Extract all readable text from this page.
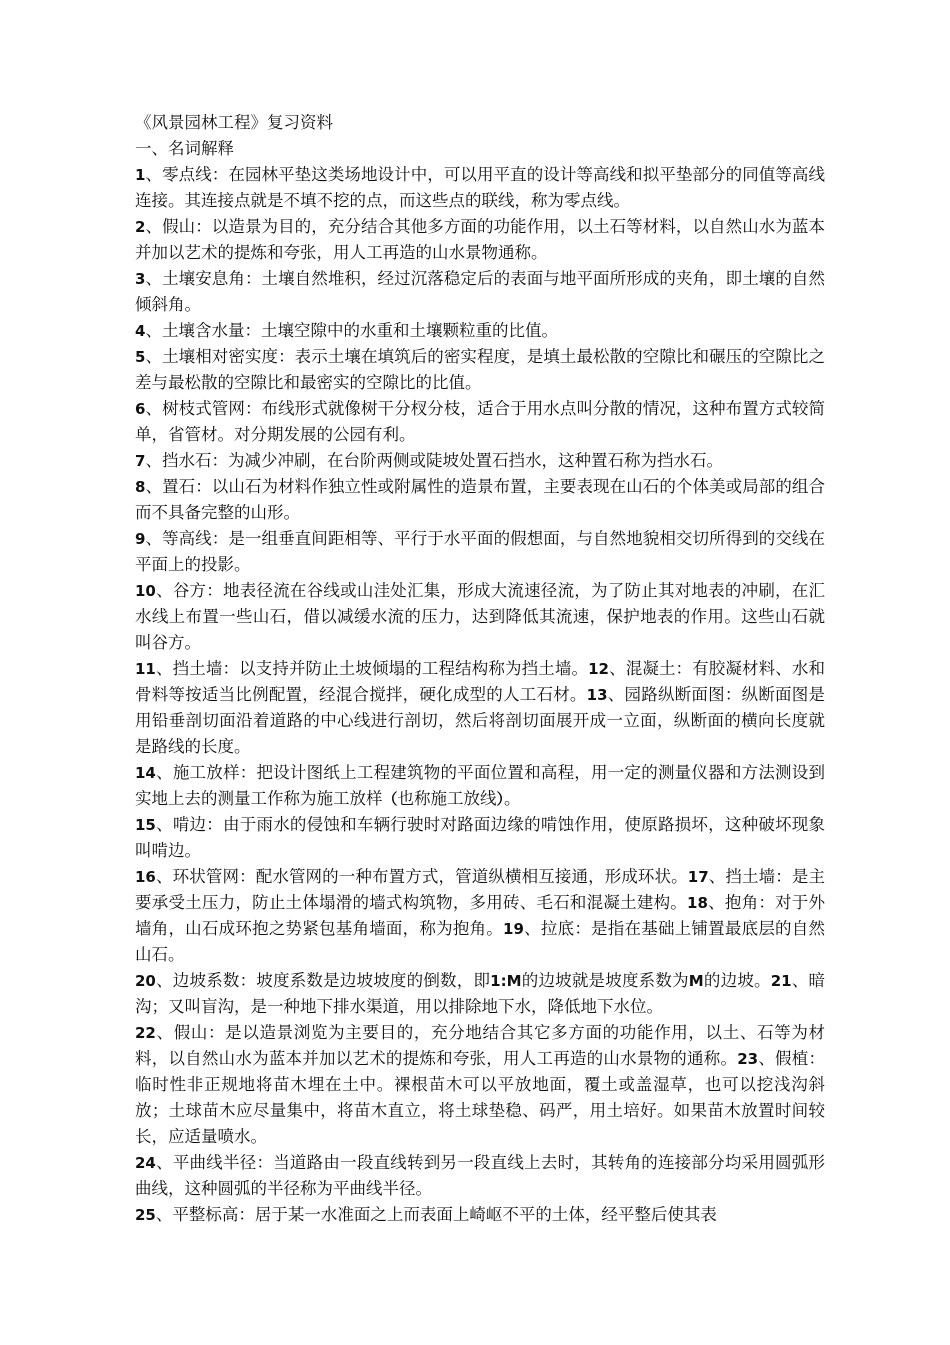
《风景园林工程》复习资料

一、名词解释

1、零点线：在园林平垫这类场地设计中，可以用平直的设计等高线和拟平垫部分的同值等高线连接。其连接点就是不填不挖的点，而这些点的联线，称为零点线。

2、假山：以造景为目的，充分结合其他多方面的功能作用，以土石等材料，以自然山水为蓝本并加以艺术的提炼和夸张，用人工再造的山水景物通称。

3、土壤安息角：土壤自然堆积，经过沉落稳定后的表面与地平面所形成的夹角，即土壤的自然倾斜角。

4、土壤含水量：土壤空隙中的水重和土壤颗粒重的比值。

5、土壤相对密实度：表示土壤在填筑后的密实程度，是填土最松散的空隙比和碾压的空隙比之差与最松散的空隙比和最密实的空隙比的比值。

6、树枝式管网：布线形式就像树干分杈分枝，适合于用水点叫分散的情况，这种布置方式较简单，省管材。对分期发展的公园有利。

7、挡水石：为减少冲刷，在台阶两侧或陡坡处置石挡水，这种置石称为挡水石。

8、置石：以山石为材料作独立性或附属性的造景布置，主要表现在山石的个体美或局部的组合而不具备完整的山形。

9、等高线：是一组垂直间距相等、平行于水平面的假想面，与自然地貌相交切所得到的交线在平面上的投影。

10、谷方：地表径流在谷线或山洼处汇集，形成大流速径流，为了防止其对地表的冲刷，在汇水线上布置一些山石，借以减缓水流的压力，达到降低其流速，保护地表的作用。这些山石就叫谷方。

11、挡土墙：以支持并防止土坡倾塌的工程结构称为挡土墙。12、混凝土：有胶凝材料、水和骨料等按适当比例配置，经混合搅拌，硬化成型的人工石材。13、园路纵断面图：纵断面图是用铅垂剖切面沿着道路的中心线进行剖切，然后将剖切面展开成一立面，纵断面的横向长度就是路线的长度。

14、施工放样：把设计图纸上工程建筑物的平面位置和高程，用一定的测量仪器和方法测设到实地上去的测量工作称为施工放样（也称施工放线）。

15、啃边：由于雨水的侵蚀和车辆行驶时对路面边缘的啃蚀作用，使原路损坏，这种破坏现象叫啃边。

16、环状管网：配水管网的一种布置方式，管道纵横相互接通，形成环状。17、挡土墙：是主要承受土压力，防止土体塌滑的墙式构筑物，多用砖、毛石和混凝土建构。18、抱角：对于外墙角，山石成环抱之势紧包基角墙面，称为抱角。19、拉底：是指在基础上铺置最底层的自然山石。

20、边坡系数：坡度系数是边坡坡度的倒数，即1:M的边坡就是坡度系数为M的边坡。21、暗沟；又叫盲沟，是一种地下排水渠道，用以排除地下水，降低地下水位。

22、假山：是以造景浏览为主要目的，充分地结合其它多方面的功能作用，以土、石等为材料，以自然山水为蓝本并加以艺术的提炼和夸张，用人工再造的山水景物的通称。23、假植：临时性非正规地将苗木埋在土中。裸根苗木可以平放地面，覆土或盖湿草，也可以挖浅沟斜放；土球苗木应尽量集中，将苗木直立，将土球垫稳、码严，用土培好。如果苗木放置时间较长，应适量喷水。

24、平曲线半径：当道路由一段直线转到另一段直线上去时，其转角的连接部分均采用圆弧形曲线，这种圆弧的半径称为平曲线半径。

25、平整标高：居于某一水准面之上而表面上崎岖不平的土体，经平整后使其表
